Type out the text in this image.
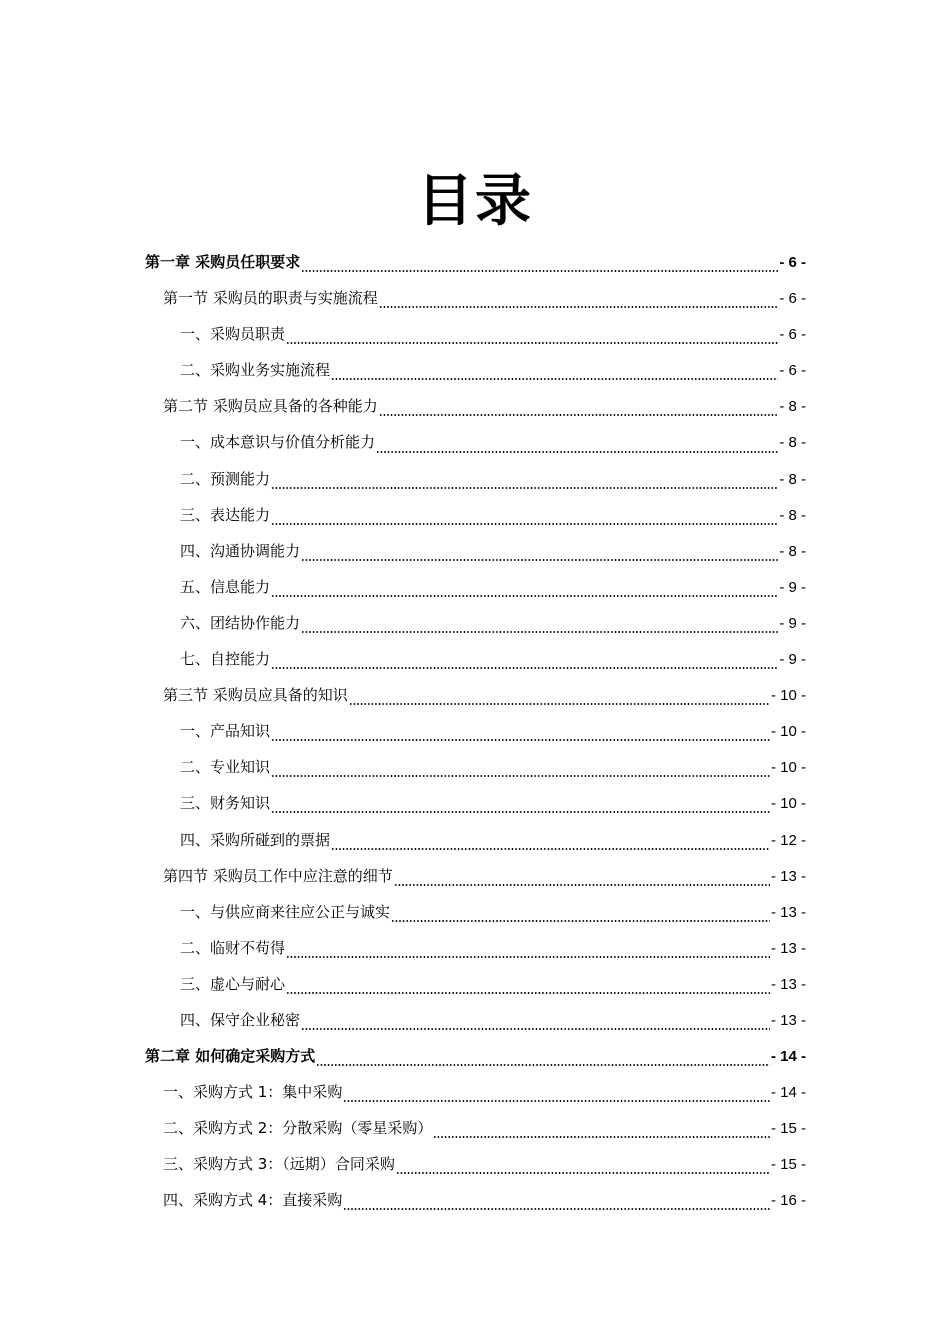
目录
第一章 采购员任职要求	- 6 -
第一节 采购员的职责与实施流程	- 6 -
一、采购员职责	- 6 -
二、采购业务实施流程	- 6 -
第二节 采购员应具备的各种能力	- 8 -
一、成本意识与价值分析能力	- 8 -
二、预测能力	- 8 -
三、表达能力	- 8 -
四、沟通协调能力	- 8 -
五、信息能力	- 9 -
六、团结协作能力	- 9 -
七、自控能力	- 9 -
第三节 采购员应具备的知识	- 10 -
一、产品知识	- 10 -
二、专业知识	- 10 -
三、财务知识	- 10 -
四、采购所碰到的票据	- 12 -
第四节 采购员工作中应注意的细节	- 13 -
一、与供应商来往应公正与诚实	- 13 -
二、临财不苟得	- 13 -
三、虚心与耐心	- 13 -
四、保守企业秘密	- 13 -
第二章 如何确定采购方式	- 14 -
一、采购方式 1：集中采购	- 14 -
二、采购方式 2：分散采购（零星采购）	- 15 -
三、采购方式 3：（远期）合同采购	- 15 -
四、采购方式 4：直接采购	- 16 -
